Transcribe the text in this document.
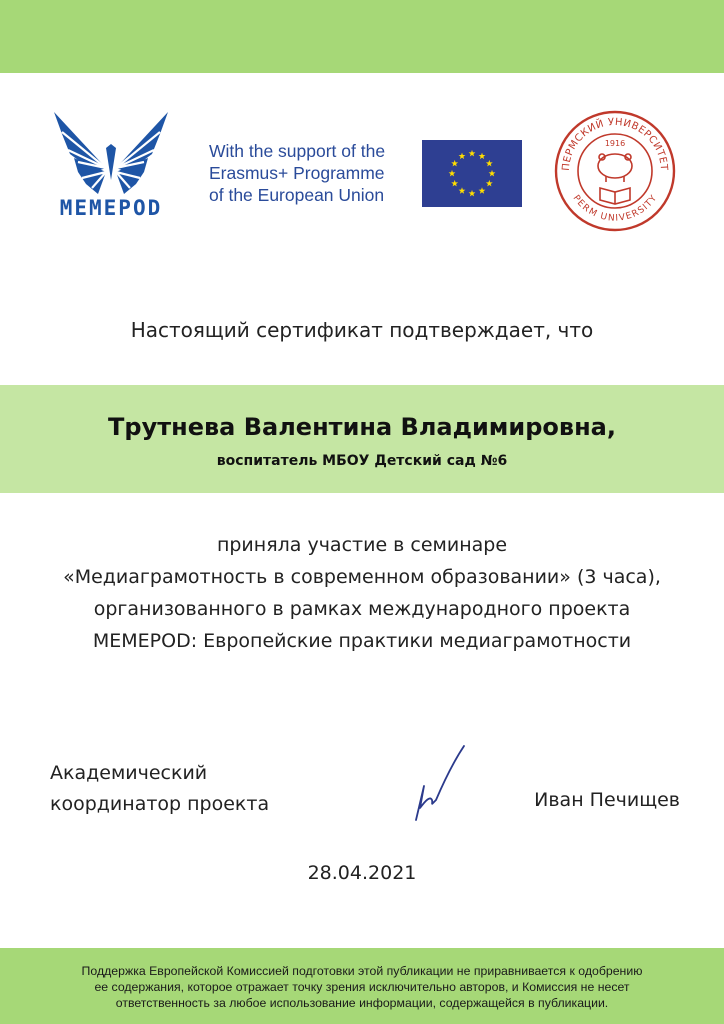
MEMEPOD
With the support of the
Erasmus+ Programme
of the European Union
ПЕРМСКИЙ УНИВЕРСИТЕТ
PERM UNIVERSITY
1916
Настоящий сертификат подтверждает, что
Трутнева Валентина Владимировна,
воспитатель МБОУ Детский сад №6
приняла участие в семинаре
«Медиаграмотность в современном образовании» (3 часа),
организованного в рамках международного проекта
MEMEPOD: Европейские практики медиаграмотности
Академический
координатор проекта	Иван Печищев
28.04.2021
Поддержка Европейской Комиссией подготовки этой публикации не приравнивается к одобрению
ее содержания, которое отражает точку зрения исключительно авторов, и Комиссия не несет
ответственность за любое использование информации, содержащейся в публикации.
